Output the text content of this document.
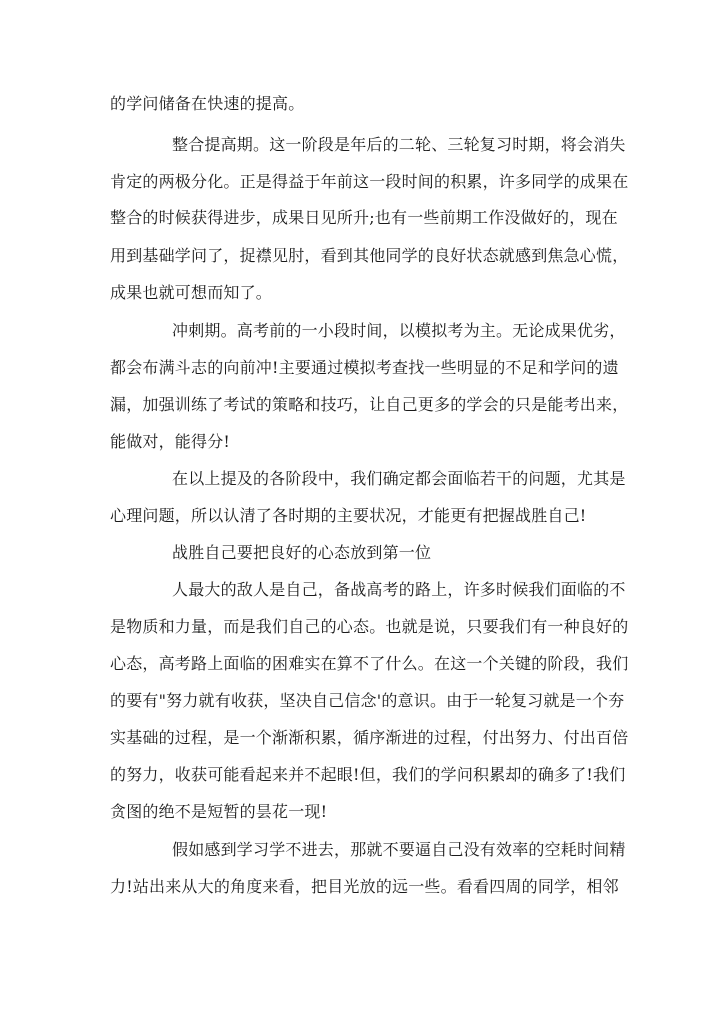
的学问储备在快速的提高。
整合提高期。这一阶段是年后的二轮、三轮复习时期，将会消失
肯定的两极分化。正是得益于年前这一段时间的积累，许多同学的成果在
整合的时候获得进步，成果日见所升;也有一些前期工作没做好的，现在
用到基础学问了，捉襟见肘，看到其他同学的良好状态就感到焦急心慌，
成果也就可想而知了。
冲刺期。高考前的一小段时间，以模拟考为主。无论成果优劣，
都会布满斗志的向前冲!主要通过模拟考查找一些明显的不足和学问的遗
漏，加强训练了考试的策略和技巧，让自己更多的学会的只是能考出来，
能做对，能得分!
在以上提及的各阶段中，我们确定都会面临若干的问题，尤其是
心理问题，所以认清了各时期的主要状况，才能更有把握战胜自己!
战胜自己要把良好的心态放到第一位
人最大的敌人是自己，备战高考的路上，许多时候我们面临的不
是物质和力量，而是我们自己的心态。也就是说，只要我们有一种良好的
心态，高考路上面临的困难实在算不了什么。在这一个关键的阶段，我们
的要有"努力就有收获，坚决自己信念'的意识。由于一轮复习就是一个夯
实基础的过程，是一个渐渐积累，循序渐进的过程，付出努力、付出百倍
的努力，收获可能看起来并不起眼!但，我们的学问积累却的确多了!我们
贪图的绝不是短暂的昙花一现!
假如感到学习学不进去，那就不要逼自己没有效率的空耗时间精
力!站出来从大的角度来看，把目光放的远一些。看看四周的同学，相邻
